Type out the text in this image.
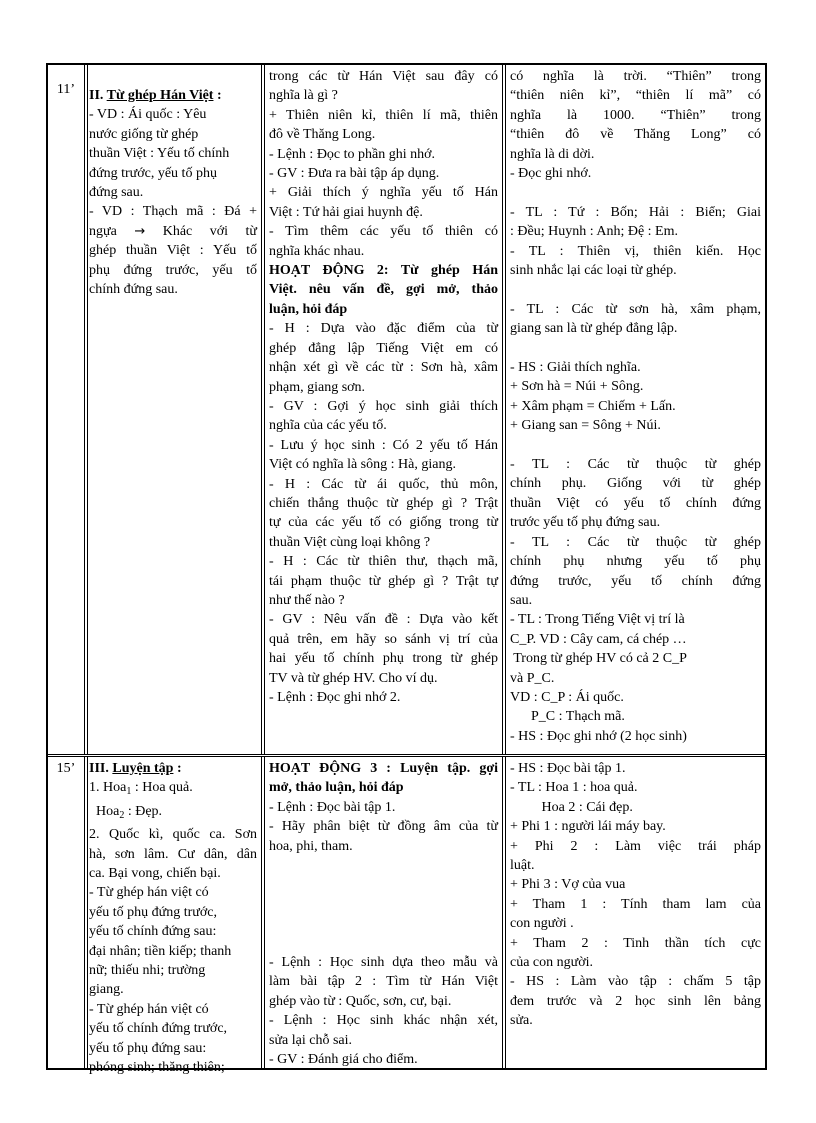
11’ II. Từ ghép Hán Việt :
- VD : Ái quốc : Yêu
nước giống từ ghép
thuần Việt : Yếu tố chính
đứng trước, yếu tố phụ
đứng sau.
- VD : Thạch mã : Đá +
ngựa → Khác với từ
ghép thuần Việt : Yếu tố
phụ đứng trước, yếu tố
chính đứng sau.
trong các từ Hán Việt sau đây có
nghĩa là gì ?
+ Thiên niên kỉ, thiên lí mã, thiên
đô về Thăng Long.
- Lệnh : Đọc to phần ghi nhớ.
- GV : Đưa ra bài tập áp dụng.
+ Giải thích ý nghĩa yếu tố Hán
Việt : Tứ hải giai huynh đệ.
- Tìm thêm các yếu tố thiên có
nghĩa khác nhau.
HOẠT ĐỘNG 2: Từ ghép Hán
Việt. nêu vấn đề, gợi mở, thảo
luận, hỏi đáp
- H : Dựa vào đặc điểm của từ
ghép đẳng lập Tiếng Việt em có
nhận xét gì về các từ : Sơn hà, xâm
phạm, giang sơn.
- GV : Gợi ý học sinh giải thích
nghĩa của các yếu tố.
- Lưu ý học sinh : Có 2 yếu tố Hán
Việt có nghĩa là sông : Hà, giang.
- H : Các từ ái quốc, thủ môn,
chiến thắng thuộc từ ghép gì ? Trật
tự của các yếu tố có giống trong từ
thuần Việt cùng loại không ?
- H : Các từ thiên thư, thạch mã,
tái phạm thuộc từ ghép gì ? Trật tự
như thế nào ?
- GV : Nêu vấn đề : Dựa vào kết
quả trên, em hãy so sánh vị trí của
hai yếu tố chính phụ trong từ ghép
TV và từ ghép HV. Cho ví dụ.
- Lệnh : Đọc ghi nhớ 2.
có nghĩa là trời. “Thiên” trong
“thiên niên kỉ”, “thiên lí mã” có
nghĩa là 1000. “Thiên” trong
“thiên đô về Thăng Long” có
nghĩa là di dời.
- Đọc ghi nhớ.
- TL : Tứ : Bốn; Hải : Biển; Giai
: Đều; Huynh : Anh; Đệ : Em.
- TL : Thiên vị, thiên kiến. Học
sinh nhắc lại các loại từ ghép.
- TL : Các từ sơn hà, xâm phạm,
giang san là từ ghép đẳng lập.
- HS : Giải thích nghĩa.
+ Sơn hà = Núi + Sông.
+ Xâm phạm = Chiếm + Lấn.
+ Giang san = Sông + Núi.
- TL : Các từ thuộc từ ghép
chính phụ. Giống với từ ghép
thuần Việt có yếu tố chính đứng
trước yếu tố phụ đứng sau.
- TL : Các từ thuộc từ ghép
chính phụ nhưng yếu tố phụ
đứng trước, yếu tố chính đứng
sau.
- TL : Trong Tiếng Việt vị trí là
C_P. VD : Cây cam, cá chép …
Trong từ ghép HV có cả 2 C_P
và P_C.
VD : C_P : Ái quốc.
P_C : Thạch mã.
- HS : Đọc ghi nhớ (2 học sinh)
15’ III. Luyện tập :
1. Hoa$_1$ : Hoa quả.
Hoa$_2$ : Đẹp.
2. Quốc kì, quốc ca. Sơn
hà, sơn lâm. Cư dân, dân
ca. Bại vong, chiến bại.
- Từ ghép hán việt có
yếu tố phụ đứng trước,
yếu tố chính đứng sau:
đại nhân; tiền kiếp; thanh
nữ; thiếu nhi; trường
giang.
- Từ ghép hán việt có
yếu tố chính đứng trước,
yếu tố phụ đứng sau:
phóng sinh; thăng thiên;
HOẠT ĐỘNG 3 : Luyện tập. gợi
mở, thảo luận, hỏi đáp
- Lệnh : Đọc bài tập 1.
- Hãy phân biệt từ đồng âm của từ
hoa, phi, tham.
- Lệnh : Học sinh dựa theo mẫu và
làm bài tập 2 : Tìm từ Hán Việt
ghép vào từ : Quốc, sơn, cư, bại.
- Lệnh : Học sinh khác nhận xét,
sửa lại chỗ sai.
- GV : Đánh giá cho điểm.
- HS : Đọc bài tập 1.
- TL : Hoa 1 : hoa quả.
Hoa 2 : Cái đẹp.
+ Phi 1 : người lái máy bay.
+ Phi 2 : Làm việc trái pháp
luật.
+ Phi 3 : Vợ của vua
+ Tham 1 : Tính tham lam của
con người .
+ Tham 2 : Tinh thần tích cực
của con người.
- HS : Làm vào tập : chấm 5 tập
đem trước và 2 học sinh lên bảng
sửa.
